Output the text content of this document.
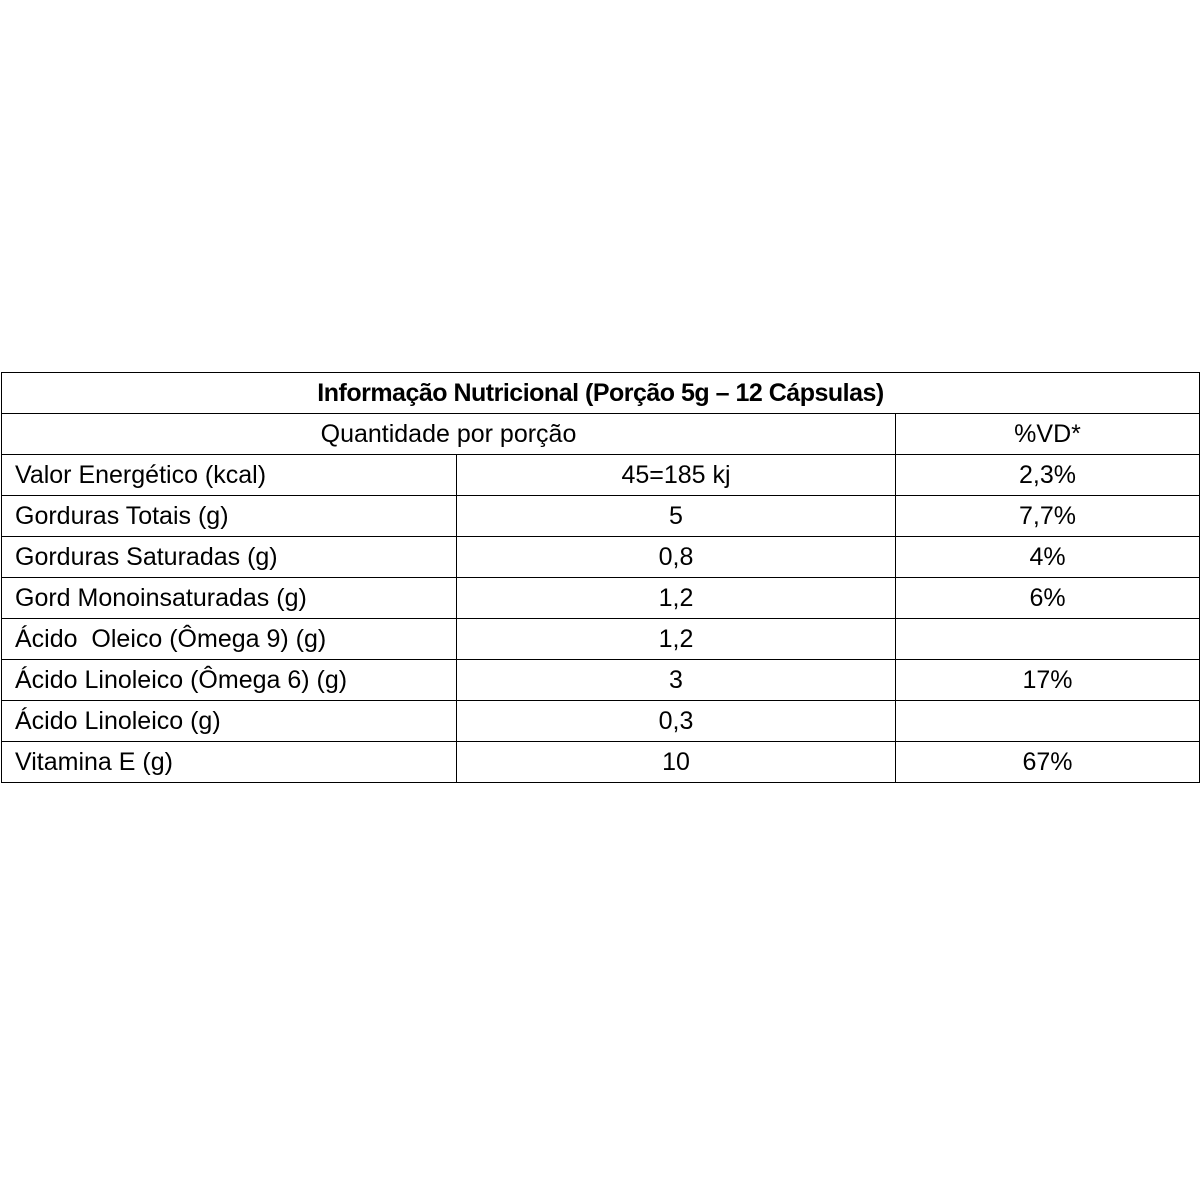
Informação Nutricional (Porção 5g – 12 Cápsulas)		
Quantidade por porção		%VD*
Valor Energético (kcal)	45=185 kj	2,3%
Gorduras Totais (g)	5	7,7%
Gorduras Saturadas (g)	0,8	4%
Gord Monoinsaturadas (g)	1,2	6%
Ácido  Oleico (Ômega 9) (g)	1,2	
Ácido Linoleico (Ômega 6) (g)	3	17%
Ácido Linoleico (g)	0,3	
Vitamina E (g)	10	67%
